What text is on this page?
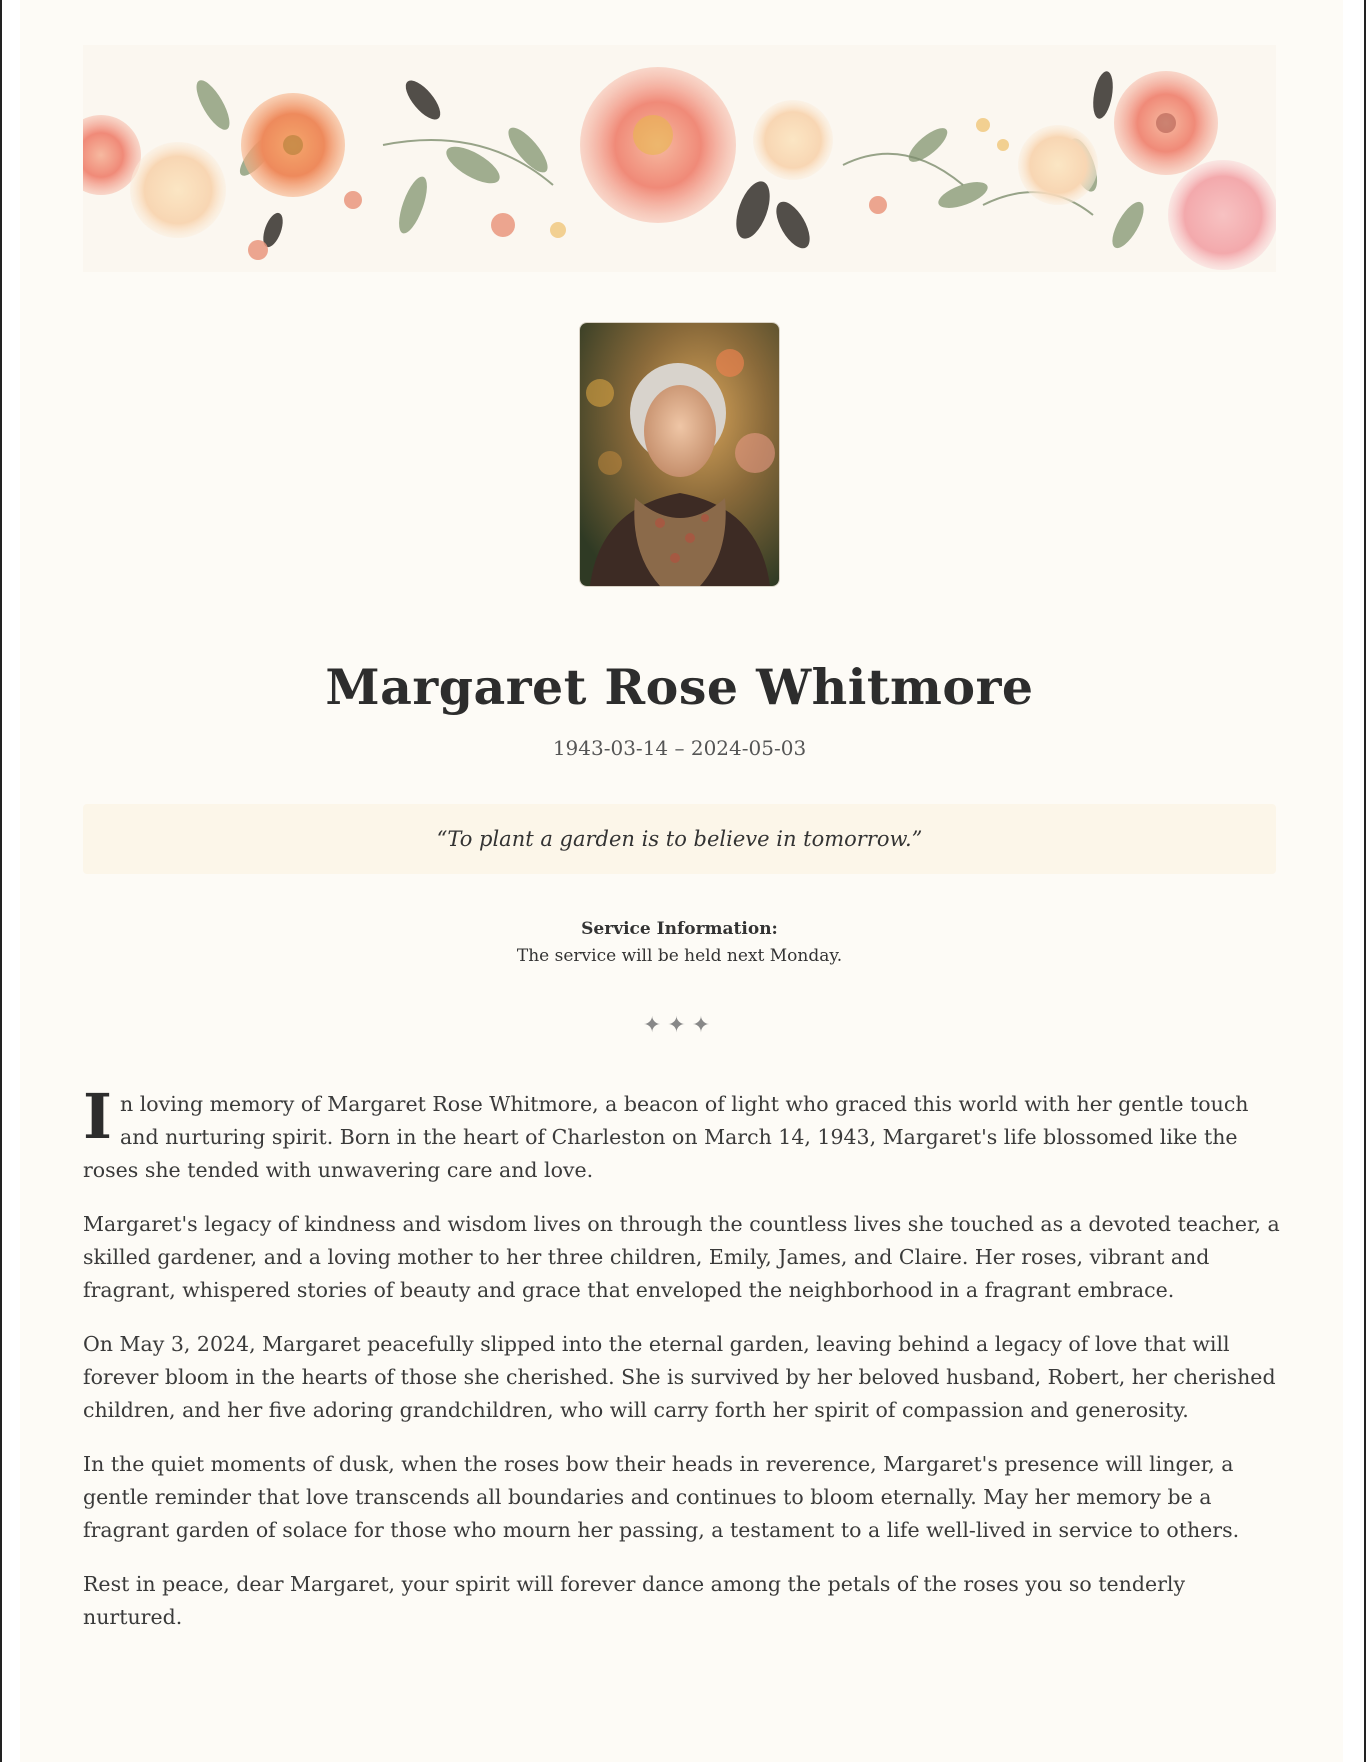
Margaret Rose Whitmore
1943-03-14 – 2024-05-03
“To plant a garden is to believe in tomorrow.”
Service Information:
The service will be held next Monday.
✦✦✦

In loving memory of Margaret Rose Whitmore, a beacon of light who graced this world with her gentle touch and nurturing spirit. Born in the heart of Charleston on March 14, 1943, Margaret's life blossomed like the roses she tended with unwavering care and love.

Margaret's legacy of kindness and wisdom lives on through the countless lives she touched as a devoted teacher, a skilled gardener, and a loving mother to her three children, Emily, James, and Claire. Her roses, vibrant and fragrant, whispered stories of beauty and grace that enveloped the neighborhood in a fragrant embrace.

On May 3, 2024, Margaret peacefully slipped into the eternal garden, leaving behind a legacy of love that will forever bloom in the hearts of those she cherished. She is survived by her beloved husband, Robert, her cherished children, and her five adoring grandchildren, who will carry forth her spirit of compassion and generosity.

In the quiet moments of dusk, when the roses bow their heads in reverence, Margaret's presence will linger, a gentle reminder that love transcends all boundaries and continues to bloom eternally. May her memory be a fragrant garden of solace for those who mourn her passing, a testament to a life well-lived in service to others.

Rest in peace, dear Margaret, your spirit will forever dance among the petals of the roses you so tenderly nurtured.
